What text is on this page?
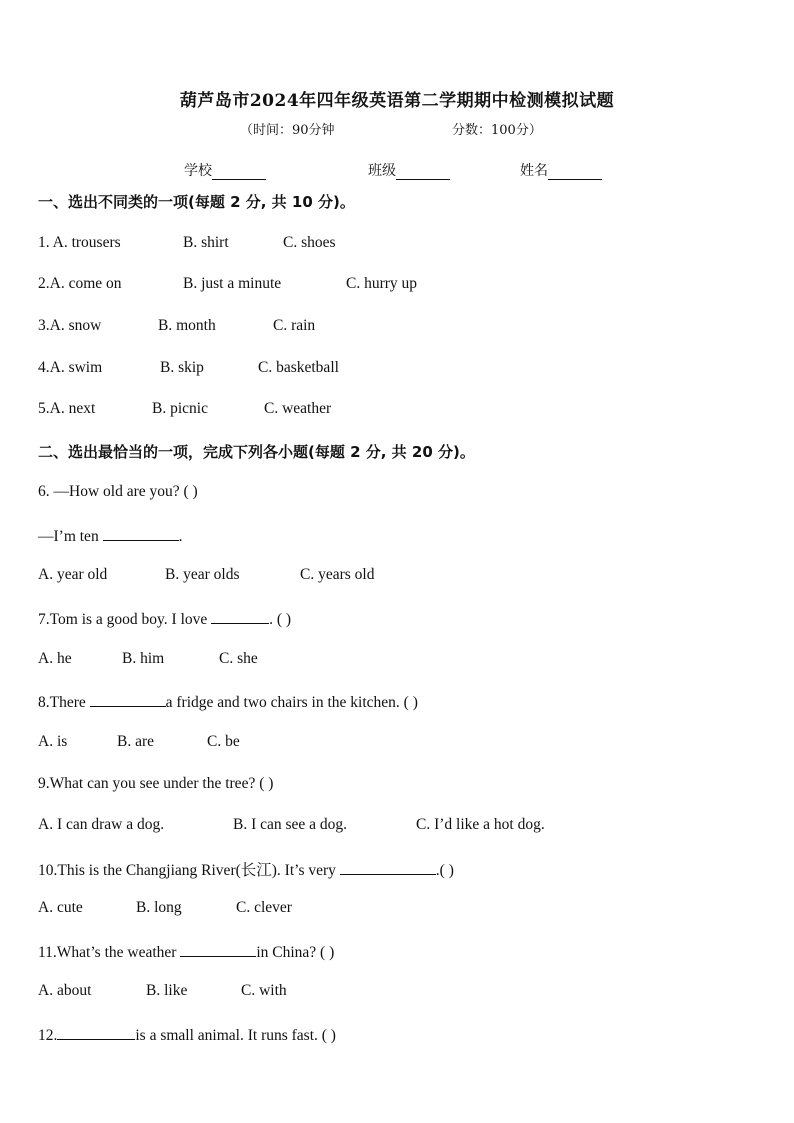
葫芦岛市2024年四年级英语第二学期期中检测模拟试题
（时间：90分钟	分数：100分）
学校	班级	姓名
一、选出不同类的一项(每题 2 分, 共 10 分)。
1. A. trousers	B. shirt	C. shoes
2.A. come on	B. just a minute	C. hurry up
3.A. snow	B. month	C. rain
4.A. swim	B. skip	C. basketball
5.A. next	B. picnic	C. weather
二、选出最恰当的一项，完成下列各小题(每题 2 分, 共 20 分)。
6. —How old are you? ( )
—I’m ten	.
A. year old	B. year olds	C. years old
7.Tom is a good boy. I love	. ( )
A. he	B. him	C. she
8.There	a fridge and two chairs in the kitchen. ( )
A. is	B. are	C. be
9.What can you see under the tree? ( )
A. I can draw a dog.	B. I can see a dog.	C. I’d like a hot dog.
10.This is the Changjiang River(长江). It’s very	.( )
A. cute	B. long	C. clever
11.What’s the weather	in China? ( )
A. about	B. like	C. with
12.	is a small animal. It runs fast. ( )
